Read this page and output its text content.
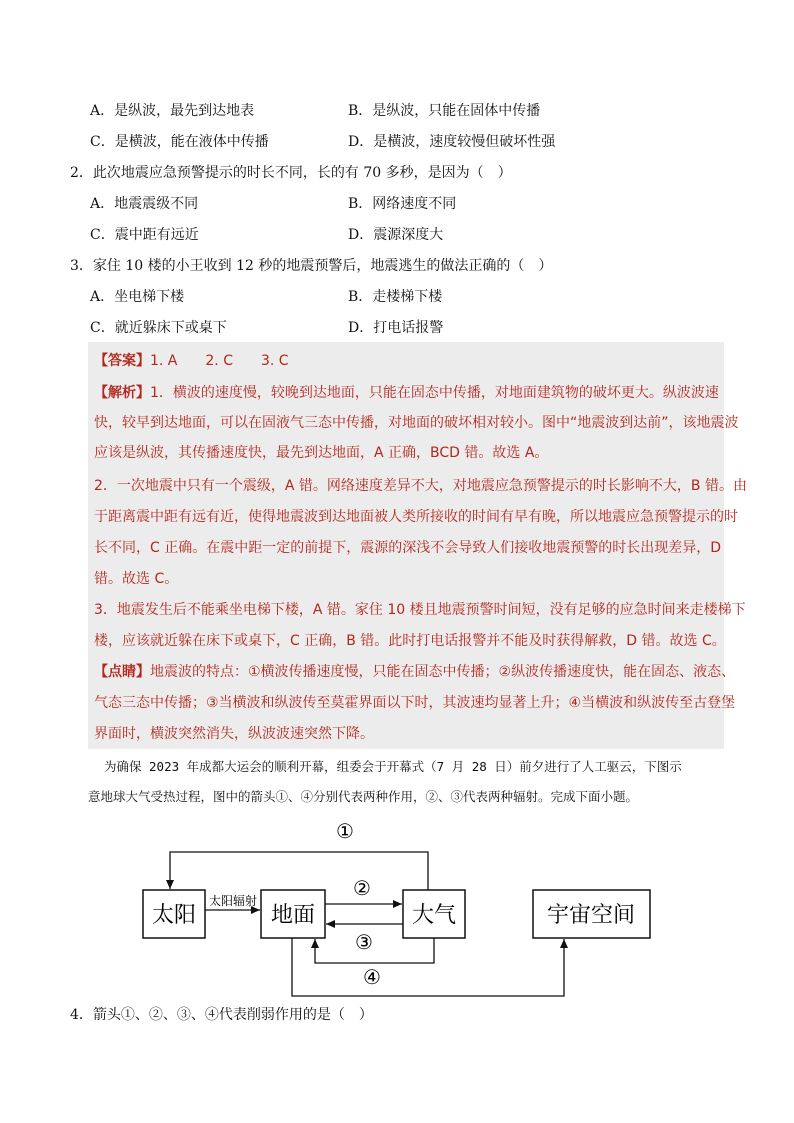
A．是纵波，最先到达地表	B．是纵波，只能在固体中传播
C．是横波，能在液体中传播	D．是横波，速度较慢但破坏性强
2．此次地震应急预警提示的时长不同，长的有 70 多秒，是因为（　）
A．地震震级不同	B．网络速度不同
C．震中距有远近	D．震源深度大
3．家住 10 楼的小王收到 12 秒的地震预警后，地震逃生的做法正确的（　）
A．坐电梯下楼	B．走楼梯下楼
C．就近躲床下或桌下	D．打电话报警
【答案】1. A　　2. C　　3. C
【解析】1．横波的速度慢，较晚到达地面，只能在固态中传播，对地面建筑物的破坏更大。纵波波速
快，较早到达地面，可以在固液气三态中传播，对地面的破坏相对较小。图中“地震波到达前”，该地震波
应该是纵波，其传播速度快，最先到达地面，A 正确，BCD 错。故选 A。
2．一次地震中只有一个震级，A 错。网络速度差异不大，对地震应急预警提示的时长影响不大，B 错。由
于距离震中距有远有近，使得地震波到达地面被人类所接收的时间有早有晚，所以地震应急预警提示的时
长不同，C 正确。在震中距一定的前提下，震源的深浅不会导致人们接收地震预警的时长出现差异，D
错。故选 C。
3．地震发生后不能乘坐电梯下楼，A 错。家住 10 楼且地震预警时间短，没有足够的应急时间来走楼梯下
楼，应该就近躲在床下或桌下，C 正确，B 错。此时打电话报警并不能及时获得解救，D 错。故选 C。
【点睛】地震波的特点：①横波传播速度慢，只能在固态中传播；②纵波传播速度快，能在固态、液态、
气态三态中传播；③当横波和纵波传至莫霍界面以下时，其波速均显著上升；④当横波和纵波传至古登堡
界面时，横波突然消失，纵波波速突然下降。
为确保 2023 年成都大运会的顺利开幕，组委会于开幕式（7 月 28 日）前夕进行了人工驱云，下图示
意地球大气受热过程，图中的箭头①、④分别代表两种作用，②、③代表两种辐射。完成下面小题。
太阳	地面	大气	宇宙空间
太阳辐射
①
②
③
④
4．箭头①、②、③、④代表削弱作用的是（　）
